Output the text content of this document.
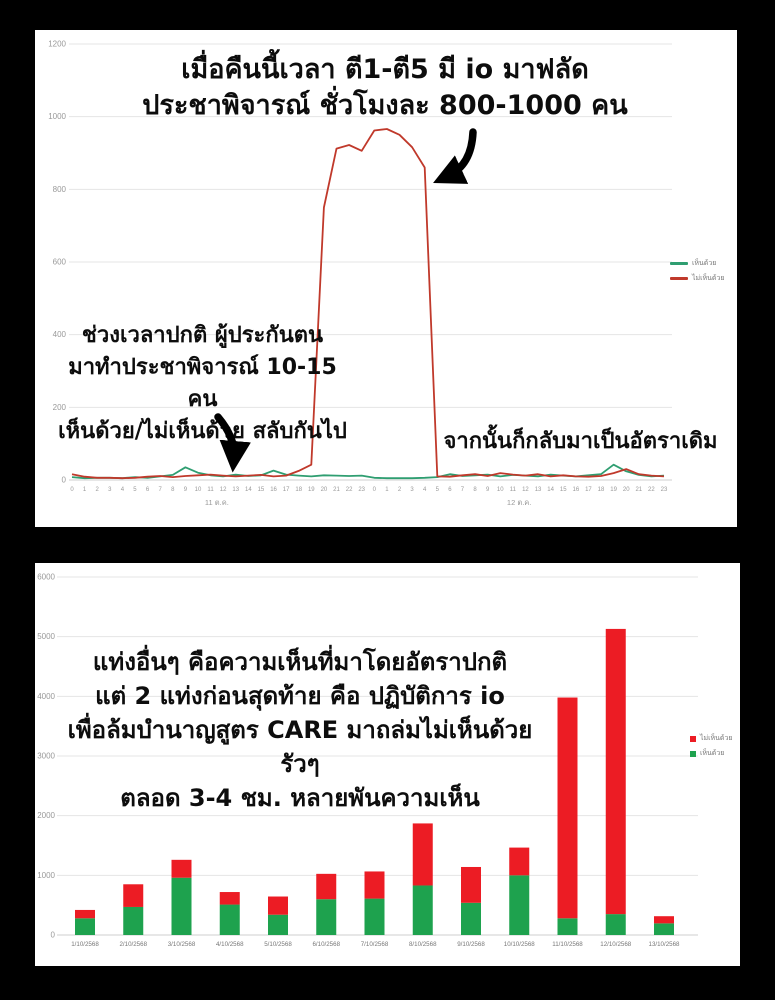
0
200
400
600
800
1000
1200
0 1 2 3 4 5 6 7 8 9 10 11 12 13 14 15 16 17 18 19 20 21 22 23 0 1 2 3 4 5 6 7 8 9 10 11 12 13 14 15 16 17 18 19 20 21 22 23
11 ต.ค.	12 ต.ค.
เห็นด้วย
ไม่เห็นด้วย
เมื่อคืนนี้เวลา ตี1-ตี5 มี io มาฟลัด
ประชาพิจารณ์ ชั่วโมงละ 800-1000 คน
ช่วงเวลาปกติ ผู้ประกันตน
มาทำประชาพิจารณ์ 10-15 คน
เห็นด้วย/ไม่เห็นด้วย สลับกันไป	จากนั้นก็กลับมาเป็นอัตราเดิม
0
1000
2000
3000
4000
5000
6000
1/10/2568	2/10/2568	3/10/2568	4/10/2568	5/10/2568	6/10/2568	7/10/2568	8/10/2568	9/10/2568	10/10/2568	11/10/2568	12/10/2568	13/10/2568
ไม่เห็นด้วย
เห็นด้วย
แท่งอื่นๆ คือความเห็นที่มาโดยอัตราปกติ
แต่ 2 แท่งก่อนสุดท้าย คือ ปฏิบัติการ io
เพื่อล้มบำนาญสูตร CARE มาถล่มไม่เห็นด้วยรัวๆ
ตลอด 3-4 ชม. หลายพันความเห็น
